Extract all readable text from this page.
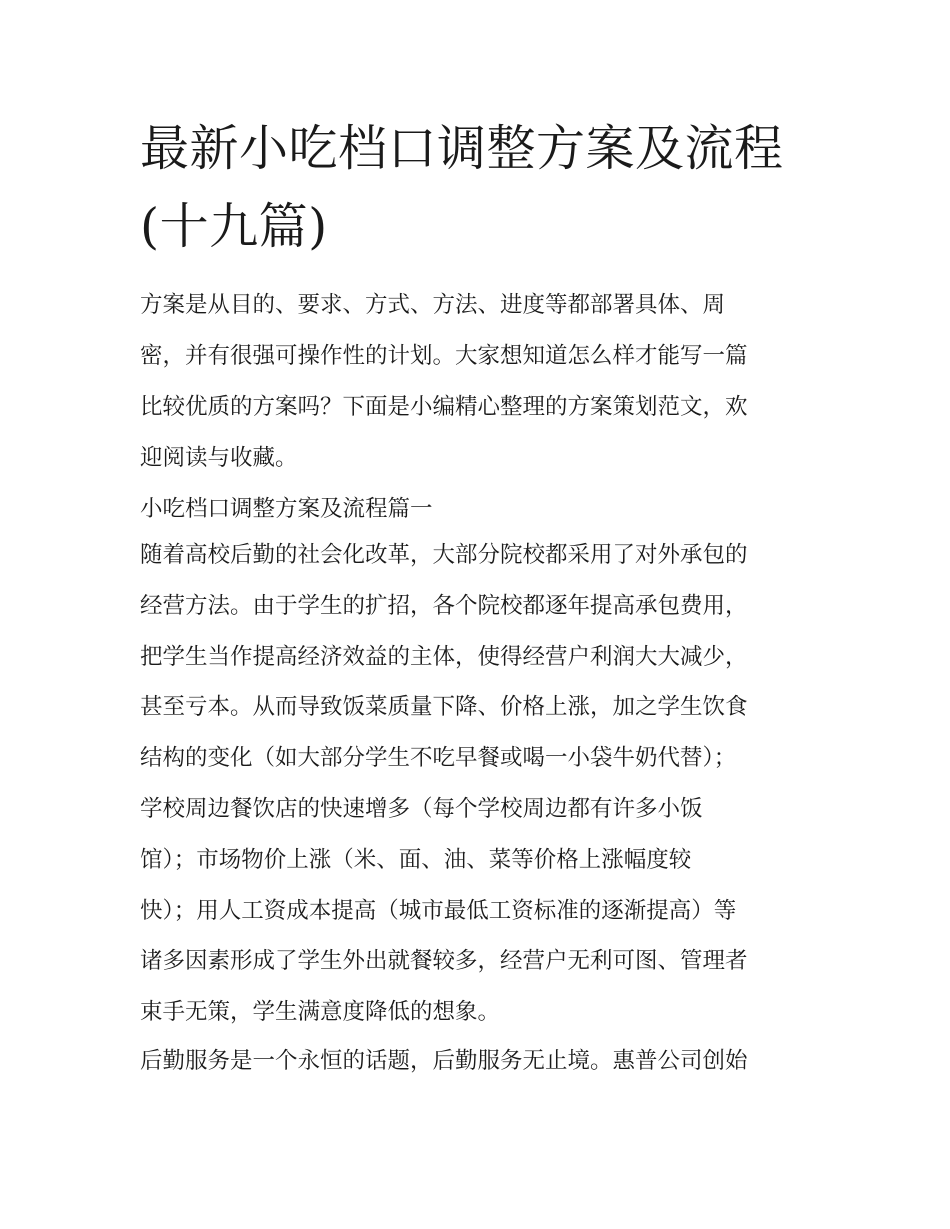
最新小吃档口调整方案及流程
(十九篇)

方案是从目的、要求、方式、方法、进度等都部署具体、周
密，并有很强可操作性的计划。大家想知道怎么样才能写一篇
比较优质的方案吗？下面是小编精心整理的方案策划范文，欢
迎阅读与收藏。

小吃档口调整方案及流程篇一

随着高校后勤的社会化改革，大部分院校都采用了对外承包的
经营方法。由于学生的扩招，各个院校都逐年提高承包费用，
把学生当作提高经济效益的主体，使得经营户利润大大减少，
甚至亏本。从而导致饭菜质量下降、价格上涨，加之学生饮食
结构的变化（如大部分学生不吃早餐或喝一小袋牛奶代替）；
学校周边餐饮店的快速增多（每个学校周边都有许多小饭
馆）；市场物价上涨（米、面、油、菜等价格上涨幅度较
快）；用人工资成本提高（城市最低工资标准的逐渐提高）等
诸多因素形成了学生外出就餐较多，经营户无利可图、管理者
束手无策，学生满意度降低的想象。

后勤服务是一个永恒的话题，后勤服务无止境。惠普公司创始
